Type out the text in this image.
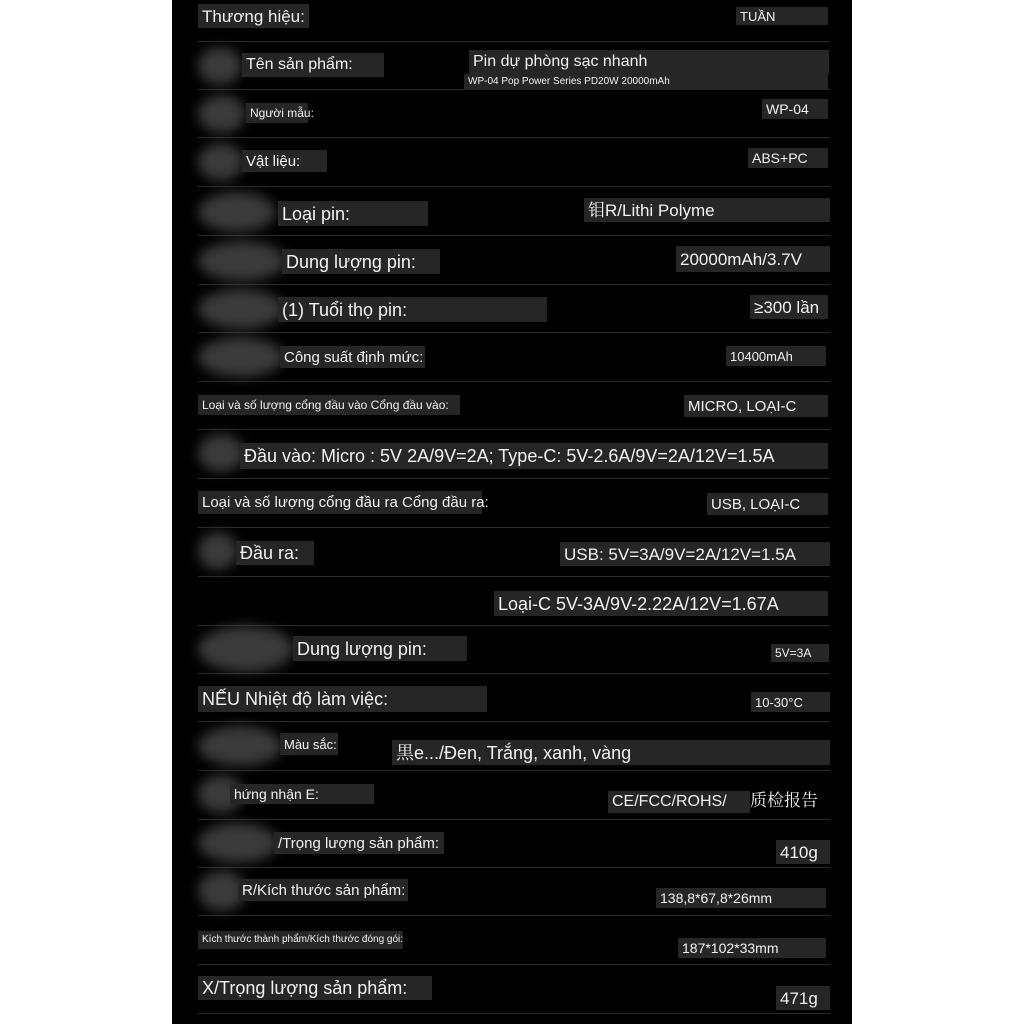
Thương hiệu:	TUẦN
Tên sản phẩm:	Pin dự phòng sạc nhanh
WP-04 Pop Power Series PD20W 20000mAh
Người mẫu:	WP-04
Vật liệu:	ABS+PC
Loại pin:	钼R/Lithi Polyme
Dung lượng pin:	20000mAh/3.7V
(1) Tuổi thọ pin:	≥300 lần
Công suất định mức:	10400mAh
Loại và số lượng cổng đầu vào Cổng đầu vào:	MICRO, LOẠI-C
Đầu vào: Micro : 5V 2A/9V=2A; Type-C: 5V-2.6A/9V=2A/12V=1.5A
Loại và số lượng cổng đầu ra Cổng đầu ra:	USB, LOẠI-C
Đầu ra:	USB: 5V=3A/9V=2A/12V=1.5A
Loại-C 5V-3A/9V-2.22A/12V=1.67A
Dung lượng pin:	5V=3A
NẾU Nhiệt độ làm việc:	10-30°C
Màu sắc:	黒e.../Đen, Trắng, xanh, vàng
hứng nhận E:	CE/FCC/ROHS/	质检报告
/Trọng lượng sản phẩm:	410g
R/Kích thước sản phẩm:	138,8*67,8*26mm
Kích thước thành phẩm/Kích thước đóng gói:
187*102*33mm
X/Trọng lượng sản phẩm:	471g
